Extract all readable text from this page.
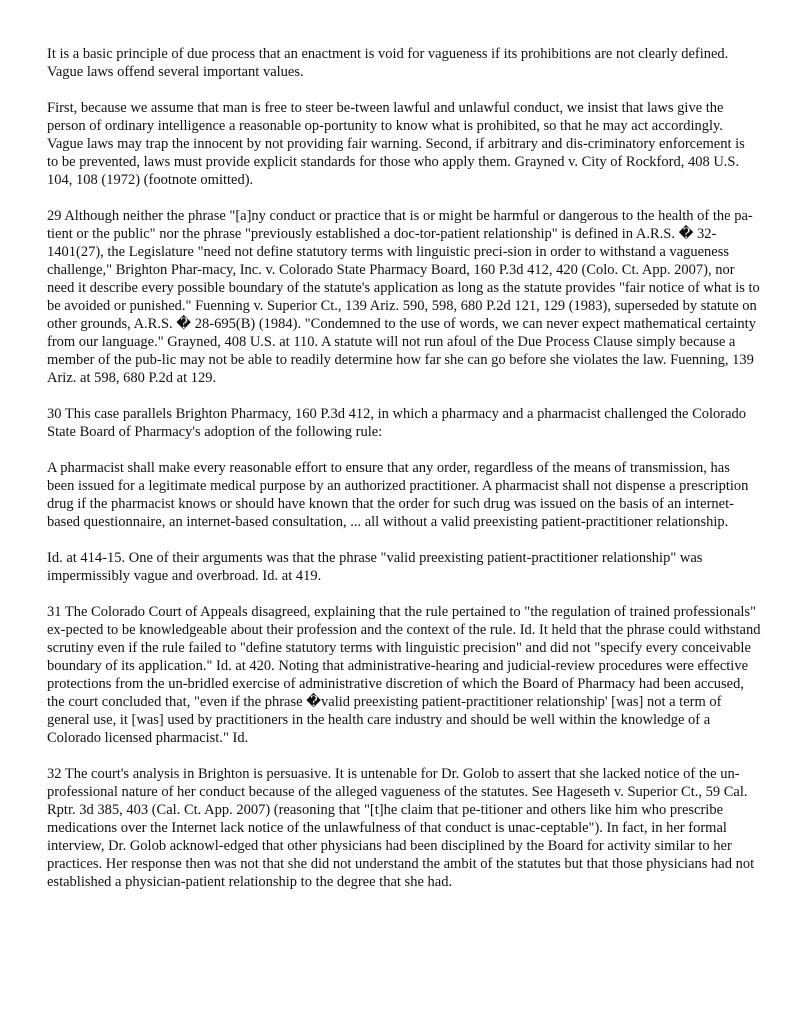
It is a basic principle of due process that an enactment is void for vagueness if its prohibitions are not clearly defined. Vague laws offend several important values.

First, because we assume that man is free to steer be-tween lawful and unlawful conduct, we insist that laws give the person of ordinary intelligence a reasonable op-portunity to know what is prohibited, so that he may act accordingly. Vague laws may trap the innocent by not providing fair warning. Second, if arbitrary and dis-criminatory enforcement is to be prevented, laws must provide explicit standards for those who apply them. Grayned v. City of Rockford, 408 U.S. 104, 108 (1972) (footnote omitted).

29 Although neither the phrase "[a]ny conduct or practice that is or might be harmful or dangerous to the health of the pa-tient or the public" nor the phrase "previously established a doc-tor-patient relationship" is defined in A.R.S. � 32-1401(27), the Legislature "need not define statutory terms with linguistic preci-sion in order to withstand a vagueness challenge," Brighton Phar-macy, Inc. v. Colorado State Pharmacy Board, 160 P.3d 412, 420 (Colo. Ct. App. 2007), nor need it describe every possible boundary of the statute's application as long as the statute provides "fair notice of what is to be avoided or punished." Fuenning v. Superior Ct., 139 Ariz. 590, 598, 680 P.2d 121, 129 (1983), superseded by statute on other grounds, A.R.S. � 28-695(B) (1984). "Condemned to the use of words, we can never expect mathematical certainty from our language." Grayned, 408 U.S. at 110. A statute will not run afoul of the Due Process Clause simply because a member of the pub-lic may not be able to readily determine how far she can go before she violates the law. Fuenning, 139 Ariz. at 598, 680 P.2d at 129.

30 This case parallels Brighton Pharmacy, 160 P.3d 412, in which a pharmacy and a pharmacist challenged the Colorado State Board of Pharmacy's adoption of the following rule:

A pharmacist shall make every reasonable effort to ensure that any order, regardless of the means of transmission, has been issued for a legitimate medical purpose by an authorized practitioner. A pharmacist shall not dispense a prescription drug if the pharmacist knows or should have known that the order for such drug was issued on the basis of an internet-based questionnaire, an internet-based consultation, ... all without a valid preexisting patient-practitioner relationship.

Id. at 414-15. One of their arguments was that the phrase "valid preexisting patient-practitioner relationship" was impermissibly vague and overbroad. Id. at 419.

31 The Colorado Court of Appeals disagreed, explaining that the rule pertained to "the regulation of trained professionals" ex-pected to be knowledgeable about their profession and the context of the rule. Id. It held that the phrase could withstand scrutiny even if the rule failed to "define statutory terms with linguistic precision" and did not "specify every conceivable boundary of its application." Id. at 420. Noting that administrative-hearing and judicial-review procedures were effective protections from the un-bridled exercise of administrative discretion of which the Board of Pharmacy had been accused, the court concluded that, "even if the phrase �valid preexisting patient-practitioner relationship' [was] not a term of general use, it [was] used by practitioners in the health care industry and should be well within the knowledge of a Colorado licensed pharmacist." Id.

32 The court's analysis in Brighton is persuasive. It is untenable for Dr. Golob to assert that she lacked notice of the un-professional nature of her conduct because of the alleged vagueness of the statutes. See Hageseth v. Superior Ct., 59 Cal. Rptr. 3d 385, 403 (Cal. Ct. App. 2007) (reasoning that "[t]he claim that pe-titioner and others like him who prescribe medications over the Internet lack notice of the unlawfulness of that conduct is unac-ceptable"). In fact, in her formal interview, Dr. Golob acknowl-edged that other physicians had been disciplined by the Board for activity similar to her practices. Her response then was not that she did not understand the ambit of the statutes but that those physicians had not established a physician-patient relationship to the degree that she had.
